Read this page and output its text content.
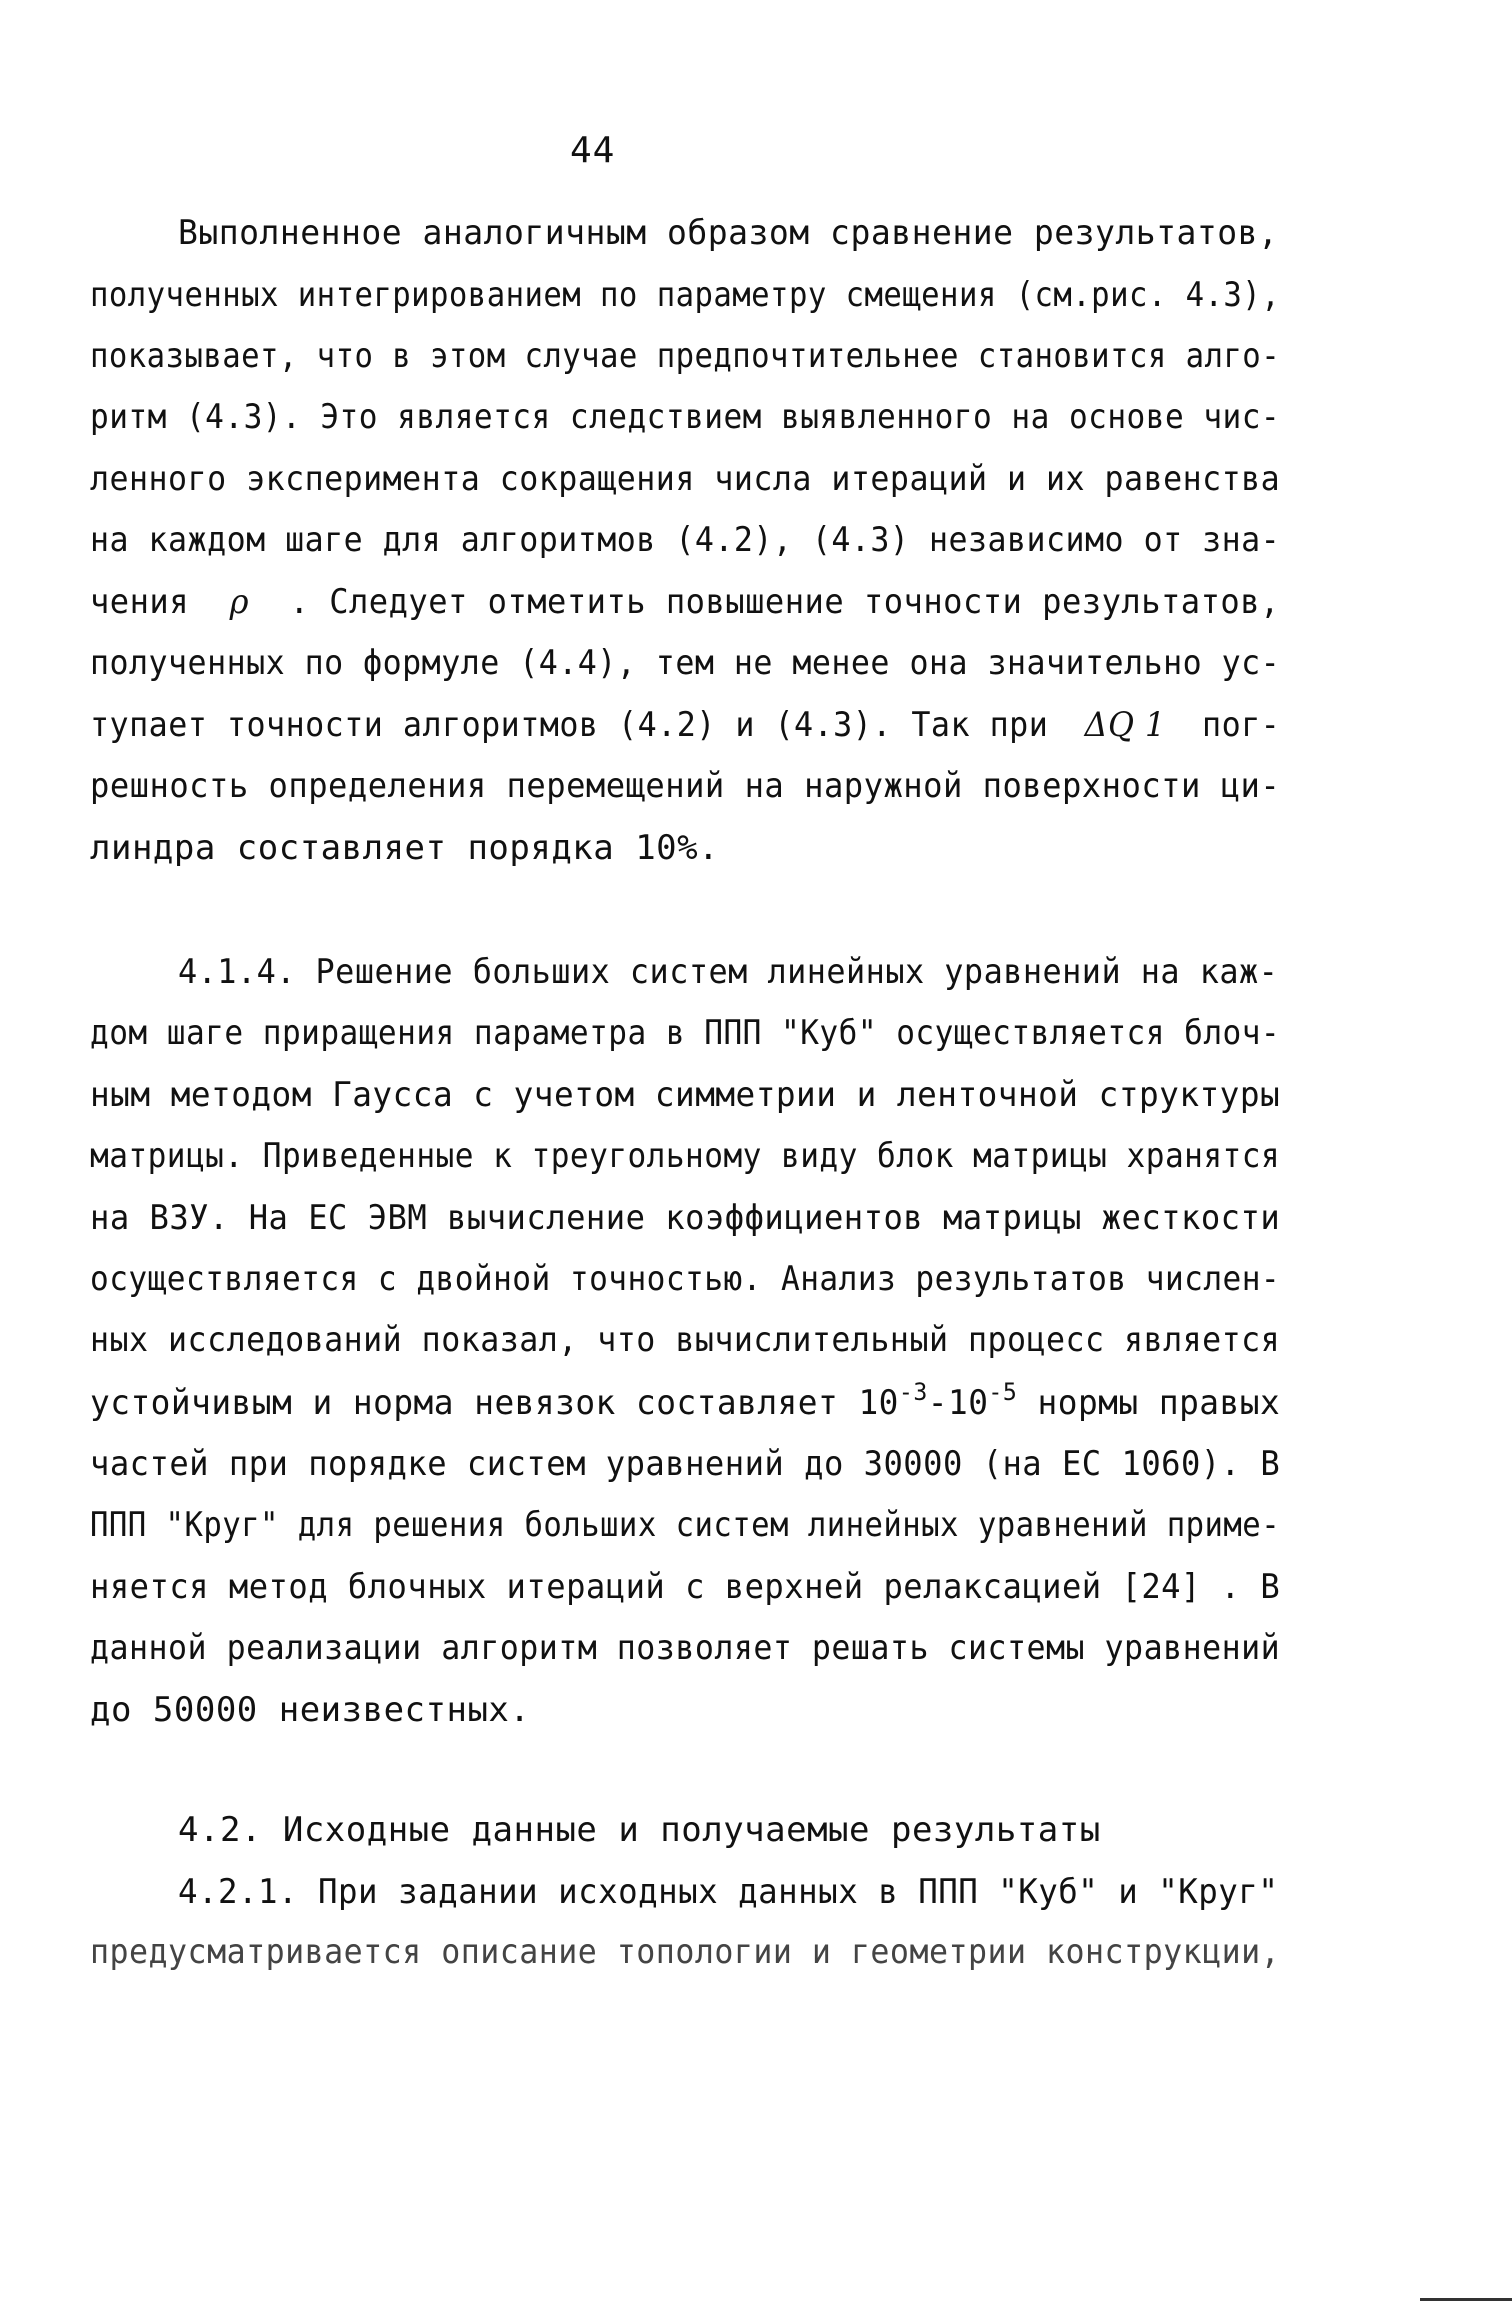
44
Выполненное аналогичным образом сравнение результатов,
полученных интегрированием по параметру смещения (см.рис. 4.3),
показывает, что в этом случае предпочтительнее становится алго-
ритм (4.3). Это является следствием выявленного на основе чис-
ленного эксперимента сокращения числа итераций и их равенства
на каждом шаге для алгоритмов (4.2), (4.3) независимо от зна-
чения ρ . Следует отметить повышение точности результатов,
полученных по формуле (4.4), тем не менее она значительно ус-
тупает точности алгоритмов (4.2) и (4.3). Так при ΔQ 1 пог-
решность определения перемещений на наружной поверхности ци-
линдра составляет порядка 10%.
4.1.4. Решение больших систем линейных уравнений на каж-
дом шаге приращения параметра в ППП "Куб" осуществляется блоч-
ным методом Гаусса с учетом симметрии и ленточной структуры
матрицы. Приведенные к треугольному виду блок матрицы хранятся
на ВЗУ. На ЕС ЭВМ вычисление коэффициентов матрицы жесткости
осуществляется с двойной точностью. Анализ результатов числен-
ных исследований показал, что вычислительный процесс является
устойчивым и норма невязок составляет $10^{-3}-10^{-5}$ нормы правых
частей при порядке систем уравнений до 30000 (на ЕС 1060). В
ППП "Круг" для решения больших систем линейных уравнений приме-
няется метод блочных итераций с верхней релаксацией [24] . В
данной реализации алгоритм позволяет решать системы уравнений
до 50000 неизвестных.
4.2. Исходные данные и получаемые результаты
4.2.1. При задании исходных данных в ППП "Куб" и "Круг"
предусматривается описание топологии и геометрии конструкции,
